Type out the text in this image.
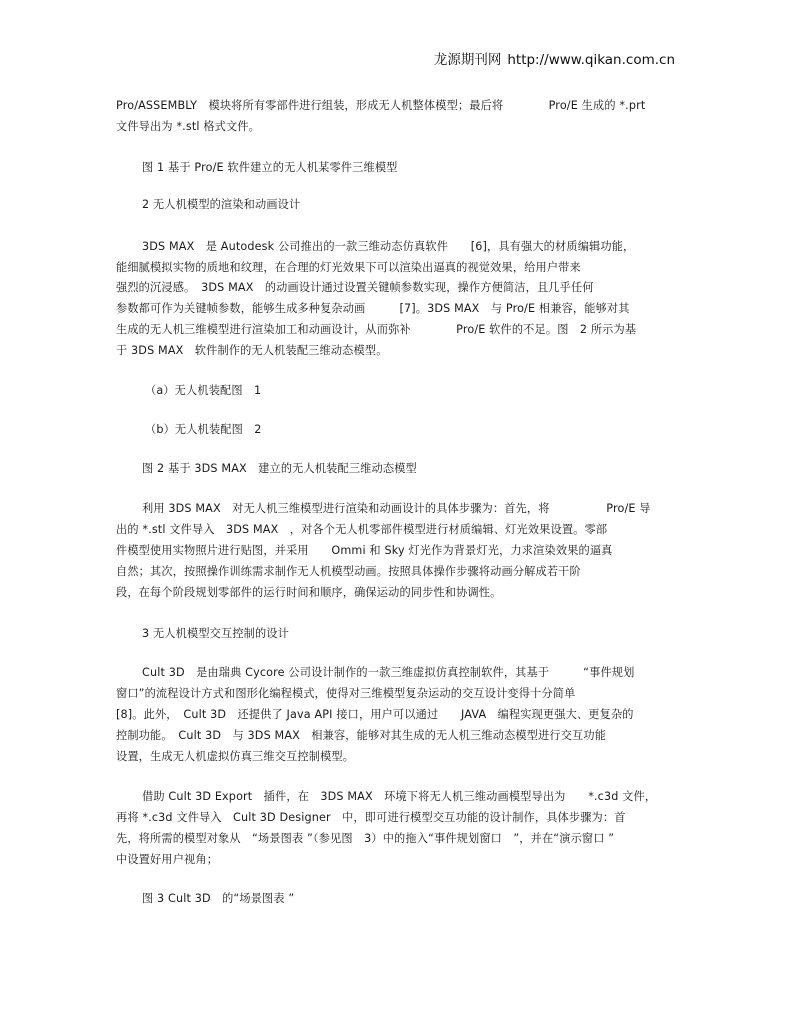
龙源期刊网 http://www.qikan.com.cn
Pro/ASSEMBLY　模块将所有零部件进行组装，形成无人机整体模型；最后将　　　　Pro/E 生成的 *.prt
文件导出为 *.stl 格式文件。
图 1 基于 Pro/E 软件建立的无人机某零件三维模型
2 无人机模型的渲染和动画设计
3DS MAX　是 Autodesk 公司推出的一款三维动态仿真软件　　[6]，具有强大的材质编辑功能，
能细腻模拟实物的质地和纹理，在合理的灯光效果下可以渲染出逼真的视觉效果，给用户带来
强烈的沉浸感。　3DS MAX　的动画设计通过设置关键帧参数实现，操作方便简洁，且几乎任何
参数都可作为关键帧参数，能够生成多种复杂动画　　　[7]。3DS MAX　与 Pro/E 相兼容，能够对其
生成的无人机三维模型进行渲染加工和动画设计，从而弥补　　　　Pro/E 软件的不足。图　2 所示为基
于 3DS MAX　软件制作的无人机装配三维动态模型。
（a）无人机装配图　1
（b）无人机装配图　2
图 2 基于 3DS MAX　建立的无人机装配三维动态模型
利用 3DS MAX　对无人机三维模型进行渲染和动画设计的具体步骤为：首先，将　　　　　Pro/E 导
出的 *.stl 文件导入　3DS MAX　，对各个无人机零部件模型进行材质编辑、灯光效果设置。零部
件模型使用实物照片进行贴图，并采用　　Ommi 和 Sky 灯光作为背景灯光，力求渲染效果的逼真
自然；其次，按照操作训练需求制作无人机模型动画。按照具体操作步骤将动画分解成若干阶
段，在每个阶段规划零部件的运行时间和顺序，确保运动的同步性和协调性。
3 无人机模型交互控制的设计
Cult 3D　是由瑞典 Cycore 公司设计制作的一款三维虚拟仿真控制软件，其基于　　　“事件规划
窗口”的流程设计方式和图形化编程模式，使得对三维模型复杂运动的交互设计变得十分简单
[8]。此外，　Cult 3D　还提供了 Java API 接口，用户可以通过　　JAVA　编程实现更强大、更复杂的
控制功能。　Cult 3D　与 3DS MAX　相兼容，能够对其生成的无人机三维动态模型进行交互功能
设置，生成无人机虚拟仿真三维交互控制模型。
借助 Cult 3D Export　插件，在　3DS MAX　环境下将无人机三维动画模型导出为　　*.c3d 文件，
再将 *.c3d 文件导入　Cult 3D Designer　中，即可进行模型交互功能的设计制作，具体步骤为：首
先，将所需的模型对象从　“场景图表 ”（参见图　3）中的拖入“事件规划窗口　”，并在“演示窗口 ”
中设置好用户视角；
图 3 Cult 3D　的“场景图表 ”
